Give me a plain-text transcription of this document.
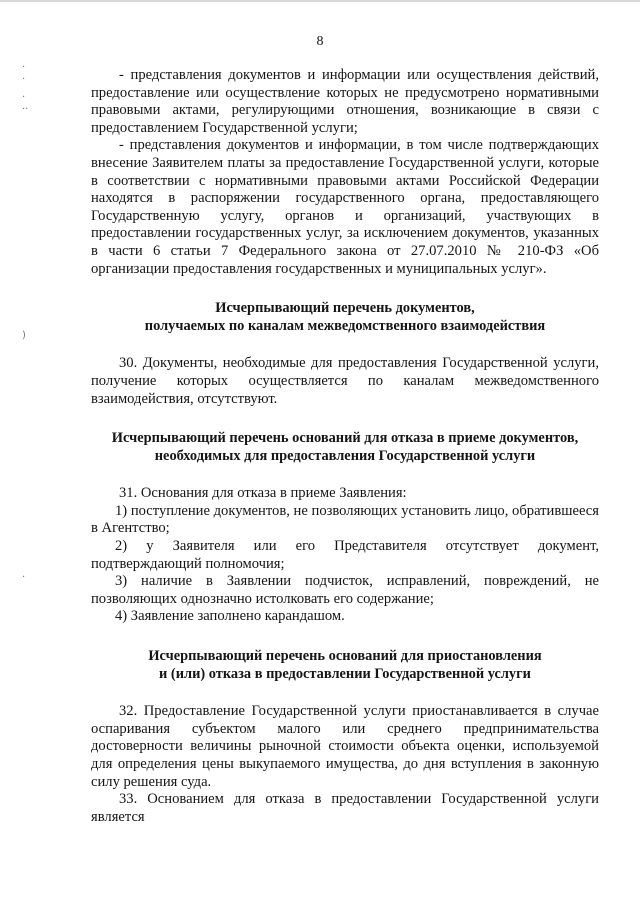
·
·
·
··
)
·
8

- представления документов и информации или осуществления действий, предоставление или осуществление которых не предусмотрено нормативными правовыми актами, регулирующими отношения, возникающие в связи с предоставлением Государственной услуги;

- представления документов и информации, в том числе подтверждающих внесение Заявителем платы за предоставление Государственной услуги, которые в соответствии с нормативными правовыми актами Российской Федерации находятся в распоряжении государственного органа, предоставляющего Государственную услугу, органов и организаций, участвующих в предоставлении государственных услуг, за исключением документов, указанных в части 6 статьи 7 Федерального закона от 27.07.2010 № 210-ФЗ «Об организации предоставления государственных и муниципальных услуг».

Исчерпывающий перечень документов,

получаемых по каналам межведомственного взаимодействия

30. Документы, необходимые для предоставления Государственной услуги, получение которых осуществляется по каналам межведомственного взаимодействия, отсутствуют.

Исчерпывающий перечень оснований для отказа в приеме документов,

необходимых для предоставления Государственной услуги

31. Основания для отказа в приеме Заявления:

1) поступление документов, не позволяющих установить лицо, обратившееся в Агентство;

2) у Заявителя или его Представителя отсутствует документ, подтверждающий полномочия;

3) наличие в Заявлении подчисток, исправлений, повреждений, не позволяющих однозначно истолковать его содержание;

4) Заявление заполнено карандашом.

Исчерпывающий перечень оснований для приостановления

и (или) отказа в предоставлении Государственной услуги

32. Предоставление Государственной услуги приостанавливается в случае оспаривания субъектом малого или среднего предпринимательства достоверности величины рыночной стоимости объекта оценки, используемой для определения цены выкупаемого имущества, до дня вступления в законную силу решения суда.

33. Основанием для отказа в предоставлении Государственной услуги является
